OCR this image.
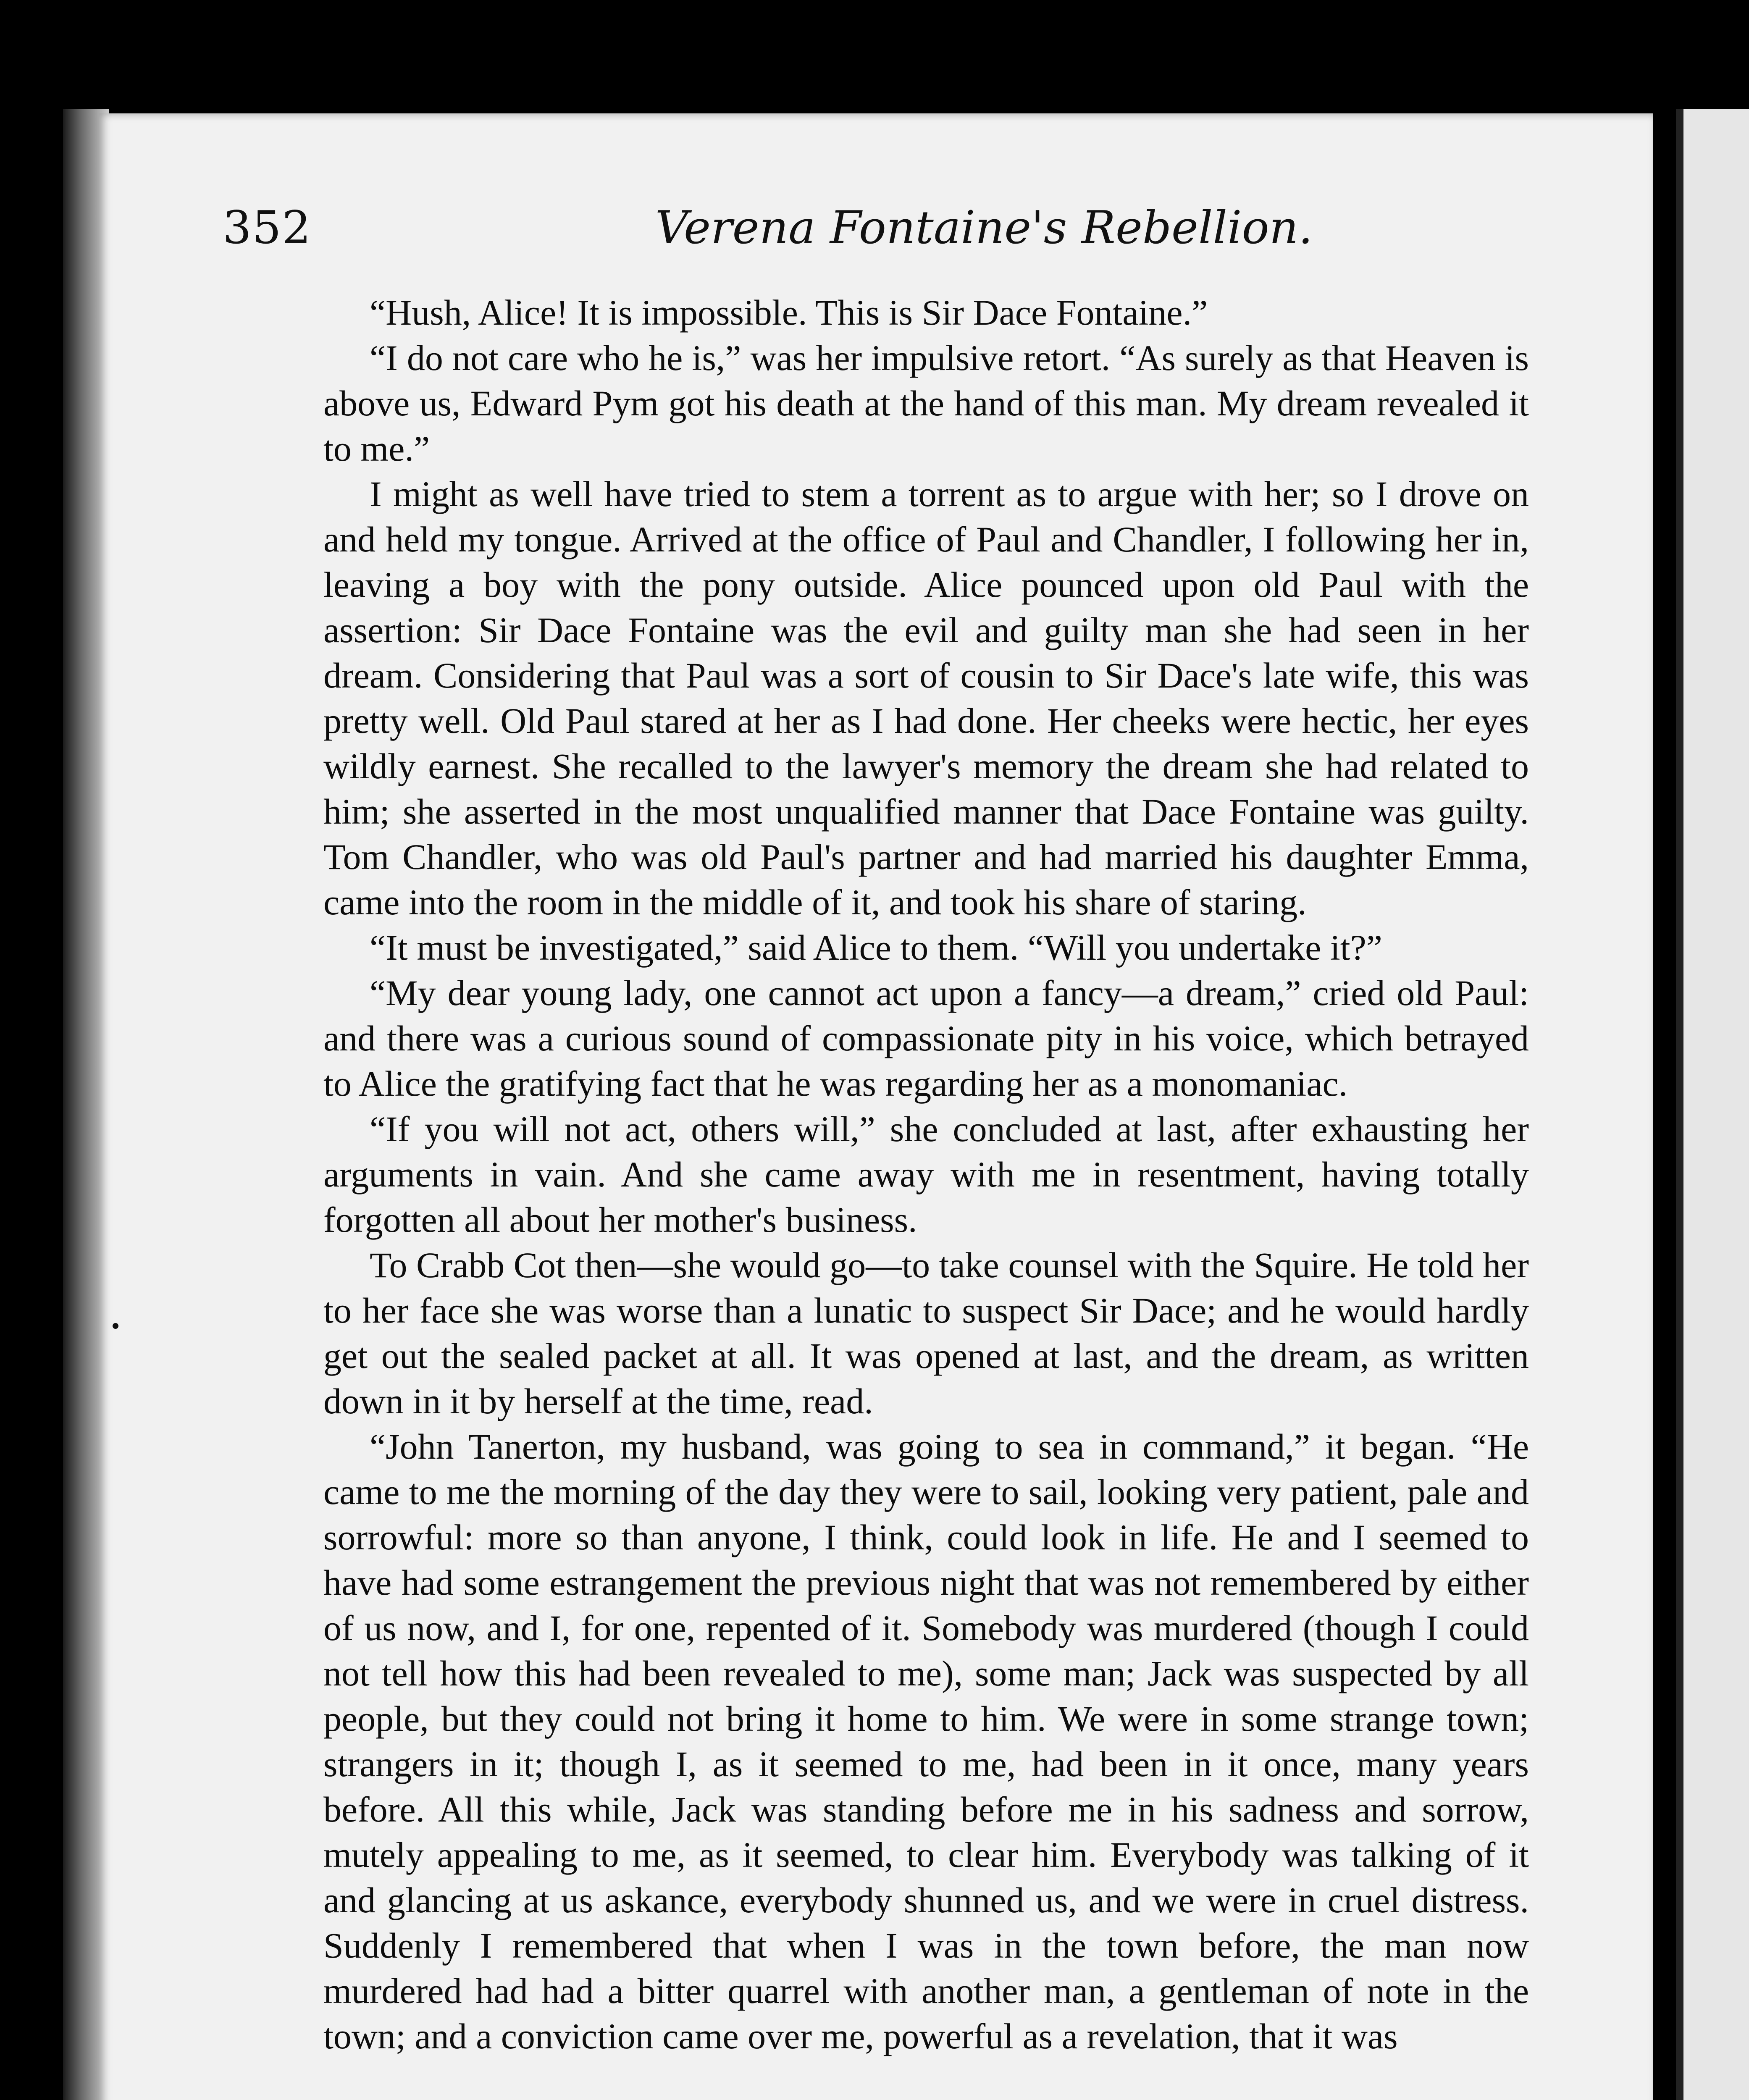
352	Verena Fontaine's Rebellion.

“Hush, Alice! It is impossible. This is Sir Dace Fontaine.”

“I do not care who he is,” was her impulsive retort. “As surely as that Heaven is above us, Edward Pym got his death at the hand of this man. My dream revealed it to me.”

I might as well have tried to stem a torrent as to argue with her; so I drove on and held my tongue. Arrived at the office of Paul and Chandler, I following her in, leaving a boy with the pony outside. Alice pounced upon old Paul with the assertion: Sir Dace Fontaine was the evil and guilty man she had seen in her dream. Considering that Paul was a sort of cousin to Sir Dace's late wife, this was pretty well. Old Paul stared at her as I had done. Her cheeks were hectic, her eyes wildly earnest. She recalled to the lawyer's memory the dream she had related to him; she asserted in the most unqualified manner that Dace Fontaine was guilty. Tom Chandler, who was old Paul's partner and had married his daughter Emma, came into the room in the middle of it, and took his share of staring.

“It must be investigated,” said Alice to them. “Will you undertake it?”

“My dear young lady, one cannot act upon a fancy—a dream,” cried old Paul: and there was a curious sound of compassionate pity in his voice, which betrayed to Alice the gratifying fact that he was regarding her as a monomaniac.

“If you will not act, others will,” she concluded at last, after exhausting her arguments in vain. And she came away with me in resentment, having totally forgotten all about her mother's business.

To Crabb Cot then—she would go—to take counsel with the Squire. He told her to her face she was worse than a lunatic to suspect Sir Dace; and he would hardly get out the sealed packet at all. It was opened at last, and the dream, as written down in it by herself at the time, read.

“John Tanerton, my husband, was going to sea in command,” it began. “He came to me the morning of the day they were to sail, looking very patient, pale and sorrowful: more so than anyone, I think, could look in life. He and I seemed to have had some estrangement the previous night that was not remembered by either of us now, and I, for one, repented of it. Somebody was murdered (though I could not tell how this had been revealed to me), some man; Jack was suspected by all people, but they could not bring it home to him. We were in some strange town; strangers in it; though I, as it seemed to me, had been in it once, many years before. All this while, Jack was standing before me in his sadness and sorrow, mutely appealing to me, as it seemed, to clear him. Everybody was talking of it and glancing at us askance, everybody shunned us, and we were in cruel distress. Suddenly I remembered that when I was in the town before, the man now murdered had had a bitter quarrel with another man, a gentleman of note in the town; and a conviction came over me, powerful as a revelation, that it was
